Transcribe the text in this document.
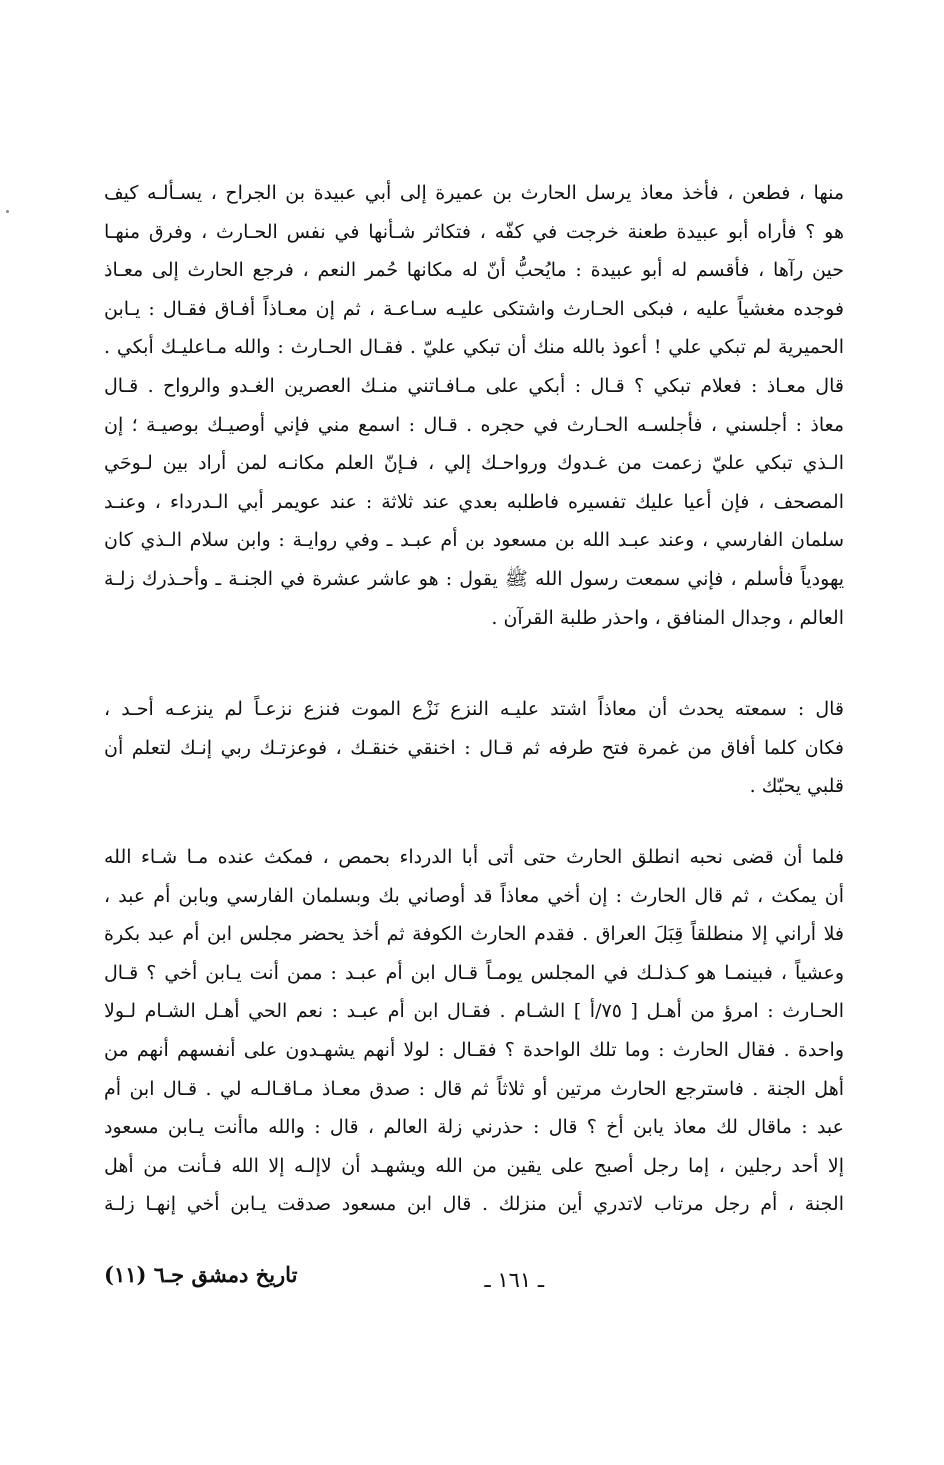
منها ، فطعن ، فأخذ معاذ يرسل الحارث بن عميرة إلى أبي عبيدة بن الجراح ، يسـألـه كيف
هو ؟ فأراه أبو عبيدة طعنة خرجت في كفّه ، فتكاثر شـأنها في نفس الحـارث ، وفرق منهـا
حين رآها ، فأقسم له أبو عبيدة : مايُحبُّ أنّ له مكانها حُمر النعم ، فرجع الحارث إلى معـاذ
فوجده مغشياً عليه ، فبكى الحـارث واشتكى عليـه سـاعـة ، ثم إن معـاذاً أفـاق فقـال : يـابن
الحميرية لم تبكي علي ! أعوذ بالله منك أن تبكي عليّ . فقـال الحـارث : والله مـاعليـك أبكي .
قال معـاذ : فعلام تبكي ؟ قـال : أبكي على مـافـاتني منـك العصرين الغـدو والرواح . قـال
معاذ : أجلسني ، فأجلسـه الحـارث في حجره . قـال : اسمع مني فإني أوصيـك بوصيـة ؛ إن
الـذي تبكي عليّ زعمت من غـدوك ورواحـك إلي ، فـإنّ العلم مكانـه لمن أراد بين لـوحَي
المصحف ، فإن أعيا عليك تفسيره فاطلبه بعدي عند ثلاثة : عند عويمر أبي الـدرداء ، وعنـد
سلمان الفارسي ، وعند عبـد الله بن مسعود بن أم عبـد ـ وفي روايـة : وابن سلام الـذي كان
يهودياً فأسلم ، فإني سمعت رسول الله ﷺ يقول : هو عاشر عشرة في الجنـة ـ وأحـذرك زلـة
العالم ، وجدال المنافق ، واحذر طلبة القرآن .
قال : سمعته يحدث أن معاذاً اشتد عليـه النزع نَزْع الموت فنزع نزعـاً لم ينزعـه أحـد ،
فكان كلما أفاق من غمرة فتح طرفه ثم قـال : اخنقي خنقـك ، فوعزتـك ربي إنـك لتعلم أن
قلبي يحبّك .
فلما أن قضى نحبه انطلق الحارث حتى أتى أبا الدرداء بحمص ، فمكث عنده مـا شـاء الله
أن يمكث ، ثم قال الحارث : إن أخي معاذاً قد أوصاني بك وبسلمان الفارسي وبابن أم عبد ،
فلا أراني إلا منطلقاً قِبَلَ العراق . فقدم الحارث الكوفة ثم أخذ يحضر مجلس ابن أم عبد بكرة
وعشياً ، فبينمـا هو كـذلـك في المجلس يومـاً قـال ابن أم عبـد : ممن أنت يـابن أخي ؟ قـال
الحـارث : امرؤ من أهـل [ ٧٥/أ ] الشـام . فقـال ابن أم عبـد : نعم الحي أهـل الشـام لـولا
واحدة . فقال الحارث : وما تلك الواحدة ؟ فقـال : لولا أنهم يشهـدون على أنفسهم أنهم من
أهل الجنة . فاسترجع الحارث مرتين أو ثلاثاً ثم قال : صدق معـاذ مـاقـالـه لي . قـال ابن أم
عبد : ماقال لك معاذ يابن أخ ؟ قال : حذرني زلة العالم ، قال : والله ماأنت يـابن مسعود
إلا أحد رجلين ، إما رجل أصبح على يقين من الله ويشهـد أن لاإلـه إلا الله فـأنت من أهل
الجنة ، أم رجل مرتاب لاتدري أين منزلك . قال ابن مسعود صدقت يـابن أخي إنهـا زلـة
ـ ١٦١ ـ
تاريخ دمشق جـ٦ (١١)
